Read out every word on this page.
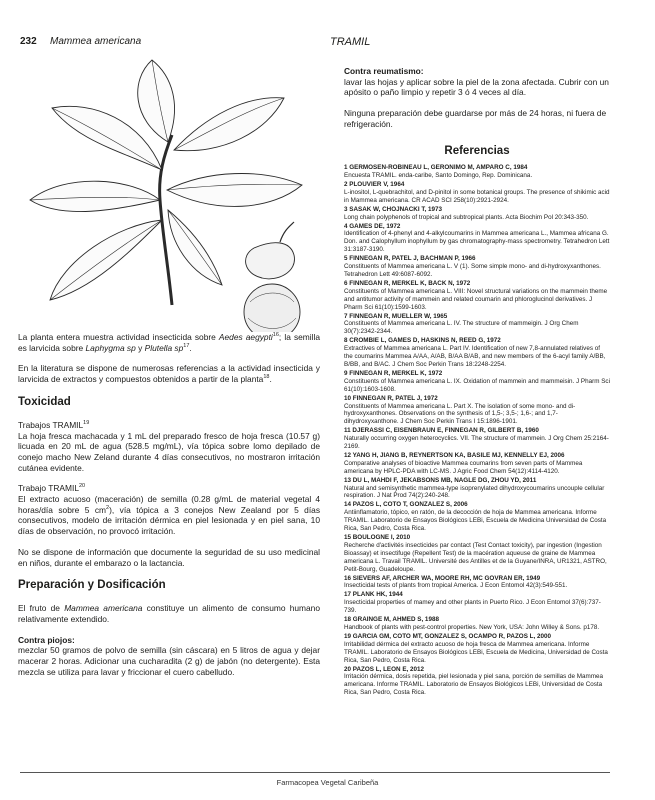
232 Mammea americana	TRAMIL

La planta entera muestra actividad insecticida sobre Aedes aegypti$^{16}$; la semilla es larvicida sobre Laphygma sp y Plutella $sp^{17}$.

En la literatura se dispone de numerosas referencias a la actividad insecticida y larvicida de extractos y compuestos obtenidos a partir de la planta$^{18}$.

Toxicidad

Trabajos TRAMIL$^{19}$

La hoja fresca machacada y 1 mL del preparado fresco de hoja fresca (10.57 g) licuada en 20 mL de agua (528.5 mg/mL), vía tópica sobre lomo depilado de conejo macho New Zeland durante 4 días consecutivos, no mostraron irritación cutánea evidente.

Trabajo TRAMIL$^{20}$

El extracto acuoso (maceración) de semilla (0.28 g/mL de material vegetal 4 horas/día sobre 5 $cm^2$), vía tópica a 3 conejos New Zealand por 5 días consecutivos, modelo de irritación dérmica en piel lesionada y en piel sana, 10 días de observación, no provocó irritación.

No se dispone de información que documente la seguridad de su uso medicinal en niños, durante el embarazo o la lactancia.

Preparación y Dosificación

El fruto de Mammea americana constituye un alimento de consumo humano relativamente extendido.

Contra piojos:

mezclar 50 gramos de polvo de semilla (sin cáscara) en 5 litros de agua y dejar macerar 2 horas. Adicionar una cucharadita (2 g) de jabón (no detergente). Esta mezcla se utiliza para lavar y friccionar el cuero cabelludo.

Contra reumatismo:

lavar las hojas y aplicar sobre la piel de la zona afectada. Cubrir con un apósito o paño limpio y repetir 3 ó 4 veces al día.

Ninguna preparación debe guardarse por más de 24 horas, ni fuera de refrigeración.

Referencias
1 GERMOSEN-ROBINEAU L, GERONIMO M, AMPARO C, 1984
Encuesta TRAMIL. enda-caribe, Santo Domingo, Rep. Dominicana.
2 PLOUVIER V, 1964
L-inositol, L-quebrachitol, and D-pinitol in some botanical groups. The presence of shikimic acid in Mammea americana. CR ACAD SCI 258(10):2921-2924.
3 SASAK W, CHOJNACKI T, 1973
Long chain polyphenols of tropical and subtropical plants. Acta Biochim Pol 20:343-350.
4 GAMES DE, 1972
Identification of 4-phenyl and 4-alkylcoumarins in Mammea americana L., Mammea africana G. Don. and Calophyllum inophyllum by gas chromatography-mass spectrometry. Tetrahedron Lett 31:3187-3190.
5 FINNEGAN R, PATEL J, BACHMAN P, 1966
Constituents of Mammea americana L. V (1). Some simple mono- and di-hydroxyxanthones. Tetrahedron Lett 49:6087-6092.
6 FINNEGAN R, MERKEL K, BACK N, 1972
Constituents of Mammea americana L. VIII: Novel structural variations on the mammein theme and antitumor activity of mammein and related coumarin and phloroglucinol derivatives. J Pharm Sci 61(10):1599-1603.
7 FINNEGAN R, MUELLER W, 1965
Constituents of Mammea americana L. IV. The structure of mammeigin. J Org Chem 30(7):2342-2344.
8 CROMBIE L, GAMES D, HASKINS N, REED G, 1972
Extractives of Mammea americana L. Part IV. Identification of new 7,8-annulated relatives of the coumarins Mammea A/AA, A/AB, B/AA B/AB, and new members of the 6-acyl family A/BB, B/BB, and B/AC. J Chem Soc Perkin Trans 18:2248-2254.
9 FINNEGAN R, MERKEL K, 1972
Constituents of Mammea americana L. IX. Oxidation of mammein and mammeisin. J Pharm Sci 61(10):1603-1608.
10 FINNEGAN R, PATEL J, 1972
Constituents of Mammea americana L. Part X. The isolation of some mono- and di-hydroxyxanthones. Observations on the synthesis of 1,5-; 3,5-; 1,6-; and 1,7-dihydroxyxanthone. J Chem Soc Perkin Trans I 15:1896-1901.
11 DJERASSI C, EISENBRAUN E, FINNEGAN R, GILBERT B, 1960
Naturally occurring oxygen heterocyclics. VII. The structure of mammein. J Org Chem 25:2164-2169.
12 YANG H, JIANG B, REYNERTSON KA, BASILE MJ, KENNELLY EJ, 2006
Comparative analyses of bioactive Mammea coumarins from seven parts of Mammea americana by HPLC-PDA with LC-MS. J Agric Food Chem 54(12):4114-4120.
13 DU L, MAHDI F, JEKABSONS MB, NAGLE DG, ZHOU YD, 2011
Natural and semisynthetic mammea-type isoprenylated dihydroxycoumarins uncouple cellular respiration. J Nat Prod 74(2):240-248.
14 PAZOS L, COTO T, GONZALEZ S, 2006
Antiinflamatorio, tópico, en ratón, de la decocción de hoja de Mammea americana. Informe TRAMIL. Laboratorio de Ensayos Biológicos LEBi, Escuela de Medicina Universidad de Costa Rica, San Pedro, Costa Rica.
15 BOULOGNE I, 2010
Recherche d'activités insecticides par contact (Test Contact toxicity), par ingestion (Ingestion Bioassay) et insectifuge (Repellent Test) de la macération aqueuse de graine de Mammea americana L. Travail TRAMIL. Université des Antilles et de la Guyane/INRA, UR1321, ASTRO, Petit-Bourg, Guadeloupe.
16 SIEVERS AF, ARCHER WA, MOORE RH, MC GOVRAN ER, 1949
Insecticidal tests of plants from tropical America. J Econ Entomol 42(3):549-551.
17 PLANK HK, 1944
Insecticidal properties of mamey and other plants in Puerto Rico. J Econ Entomol 37(6):737-739.
18 GRAINGE M, AHMED S, 1988
Handbook of plants with pest-control properties. New York, USA: John Willey & Sons. p178.
19 GARCIA GM, COTO MT, GONZALEZ S, OCAMPO R, PAZOS L, 2000
Irritabilidad dérmica del extracto acuoso de hoja fresca de Mammea americana. Informe TRAMIL. Laboratorio de Ensayos Biológicos LEBi, Escuela de Medicina, Universidad de Costa Rica, San Pedro, Costa Rica.
20 PAZOS L, LEON E, 2012
Irritación dérmica, dosis repetida, piel lesionada y piel sana, porción de semillas de Mammea americana. Informe TRAMIL. Laboratorio de Ensayos Biológicos LEBi, Universidad de Costa Rica, San Pedro, Costa Rica.
Farmacopea Vegetal Caribeña
